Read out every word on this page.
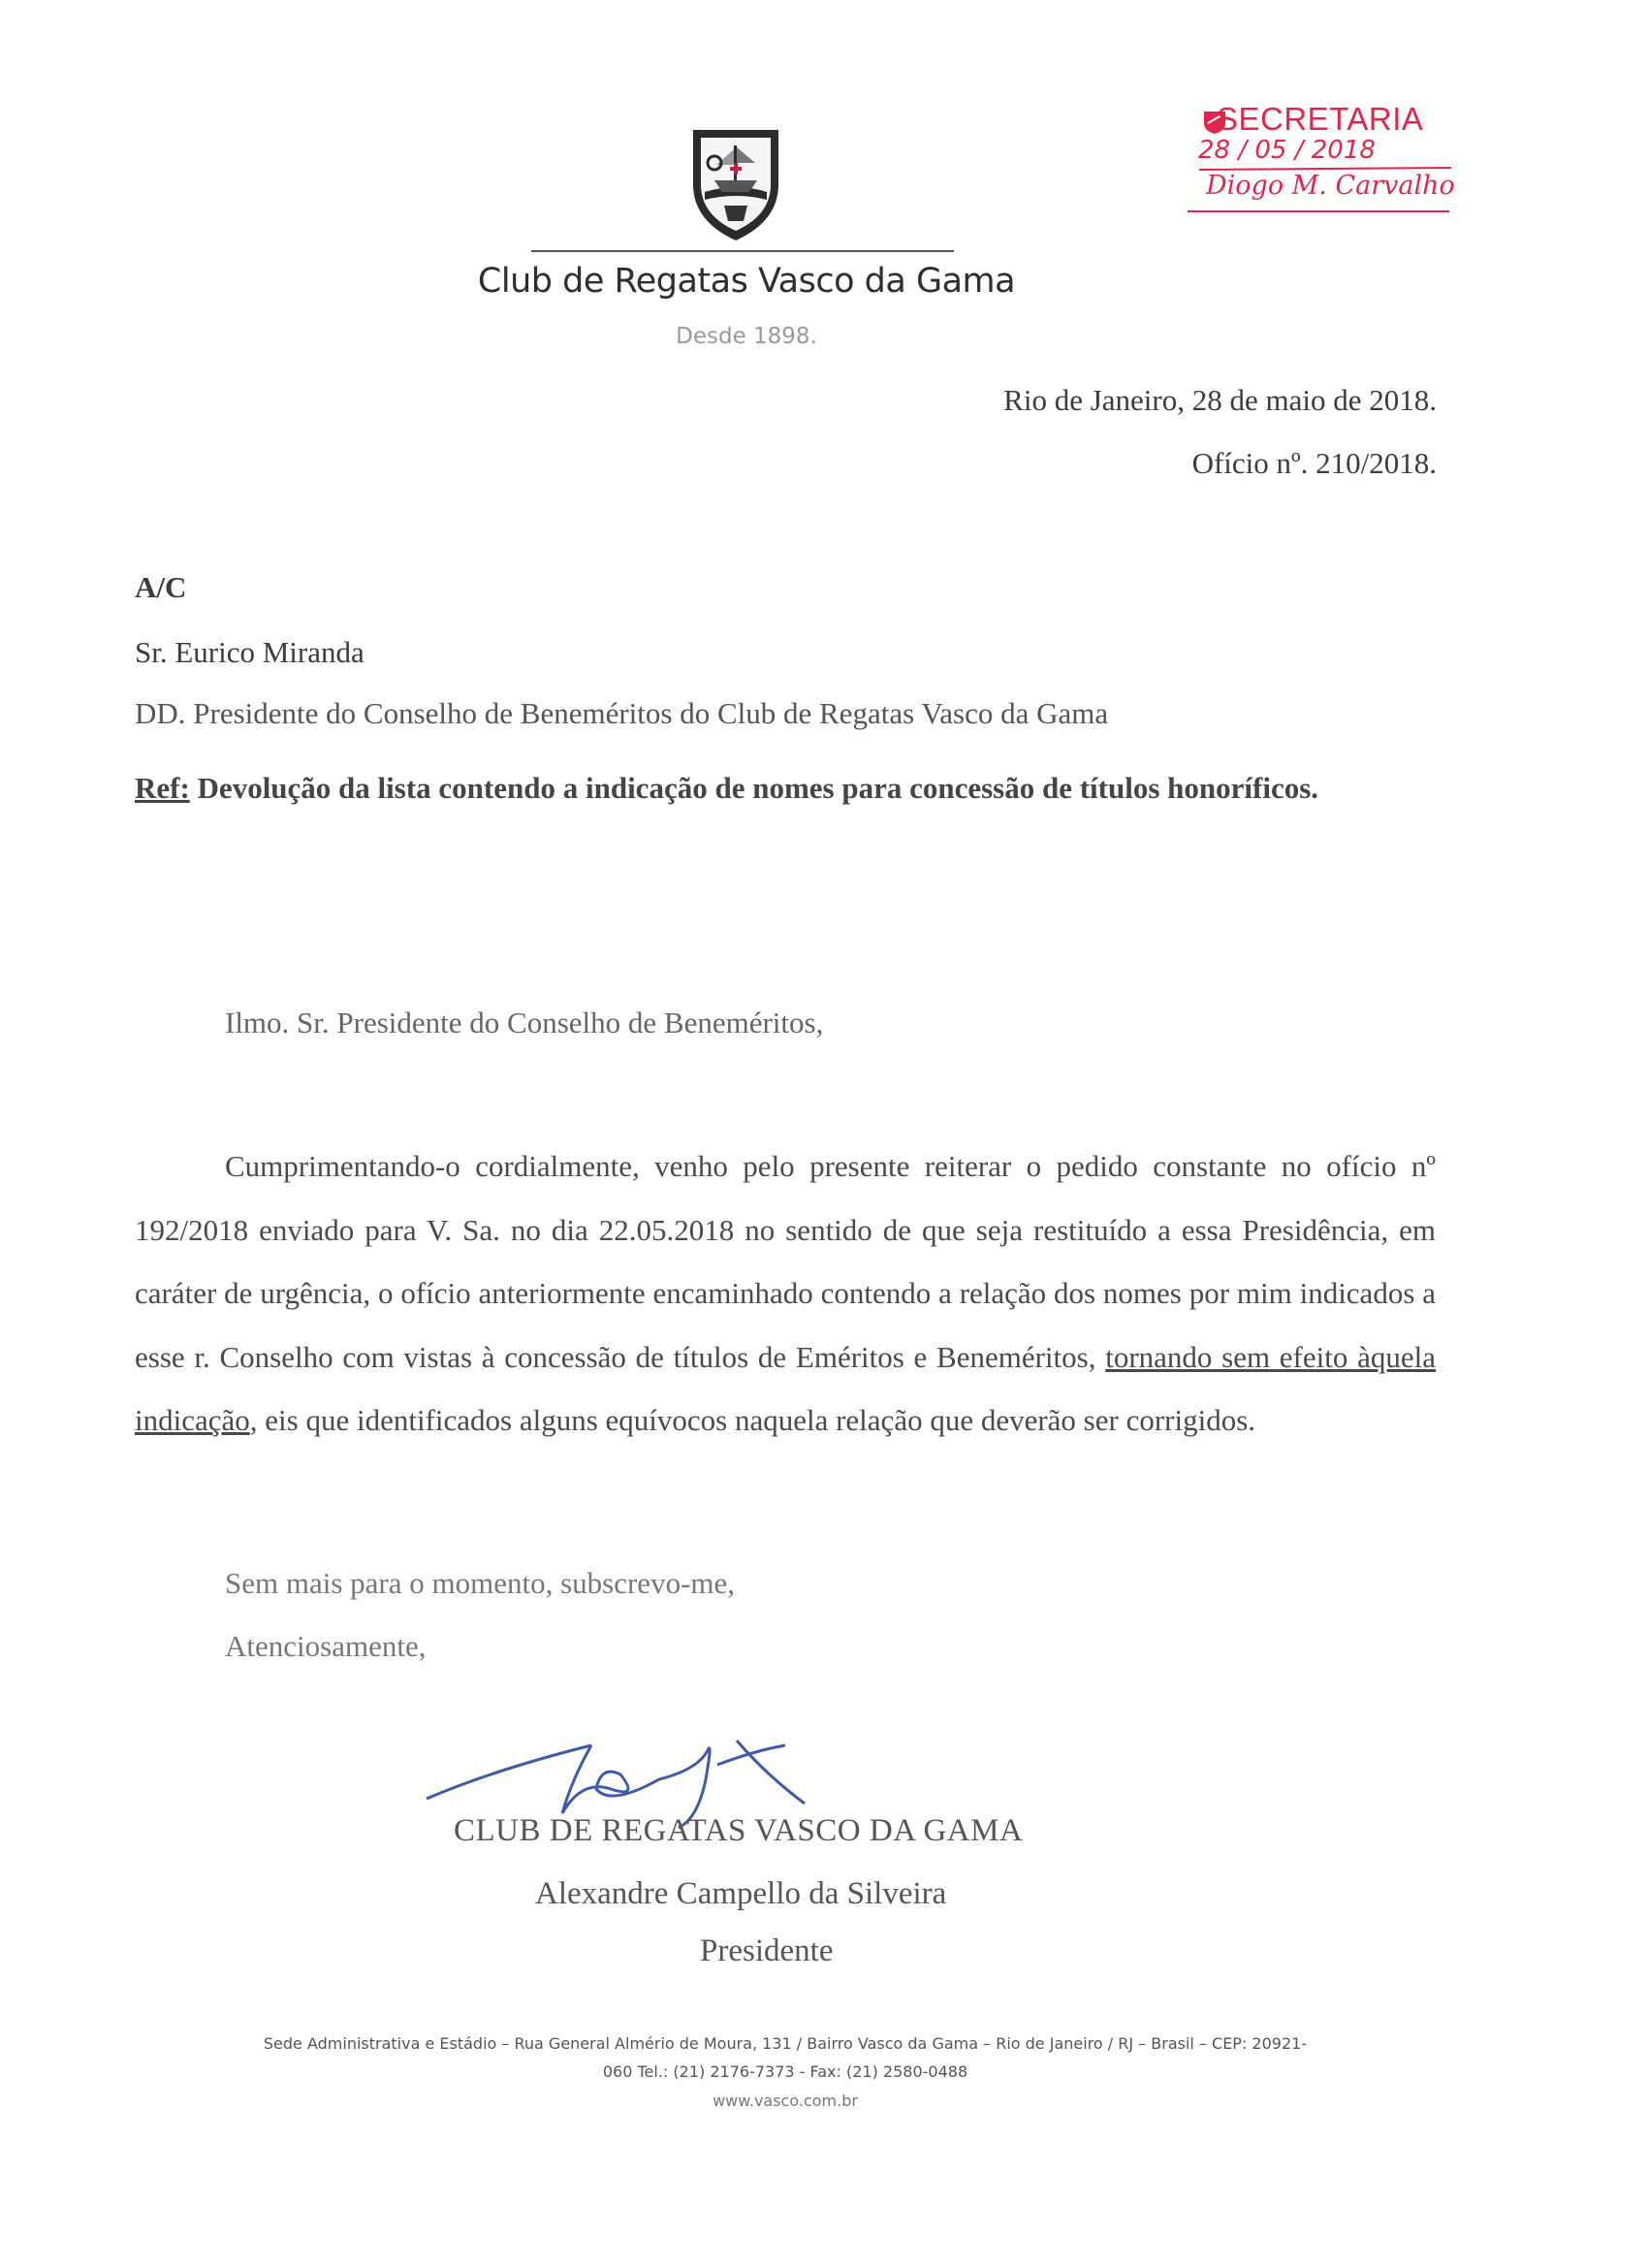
Club de Regatas Vasco da Gama
Desde 1898.
SECRETARIA
28 / 05 / 2018
Diogo M. Carvalho
Rio de Janeiro, 28 de maio de 2018.
Ofício nº. 210/2018.
A/C
Sr. Eurico Miranda
DD. Presidente do Conselho de Beneméritos do Club de Regatas Vasco da Gama
Ref: Devolução da lista contendo a indicação de nomes para concessão de títulos honoríficos.
Ilmo. Sr. Presidente do Conselho de Beneméritos,
Cumprimentando-o cordialmente, venho pelo presente reiterar o pedido constante no ofício nº 192/2018 enviado para V. Sa. no dia 22.05.2018 no sentido de que seja restituído a essa Presidência, em caráter de urgência, o ofício anteriormente encaminhado contendo a relação dos nomes por mim indicados a esse r. Conselho com vistas à concessão de títulos de Eméritos e Beneméritos, tornando sem efeito àquela indicação, eis que identificados alguns equívocos naquela relação que deverão ser corrigidos.
Sem mais para o momento, subscrevo-me,
Atenciosamente,
CLUB DE REGATAS VASCO DA GAMA
Alexandre Campello da Silveira
Presidente
Sede Administrativa e Estádio – Rua General Almério de Moura, 131 / Bairro Vasco da Gama – Rio de Janeiro / RJ – Brasil – CEP: 20921-
060 Tel.: (21) 2176-7373 - Fax: (21) 2580-0488
www.vasco.com.br
